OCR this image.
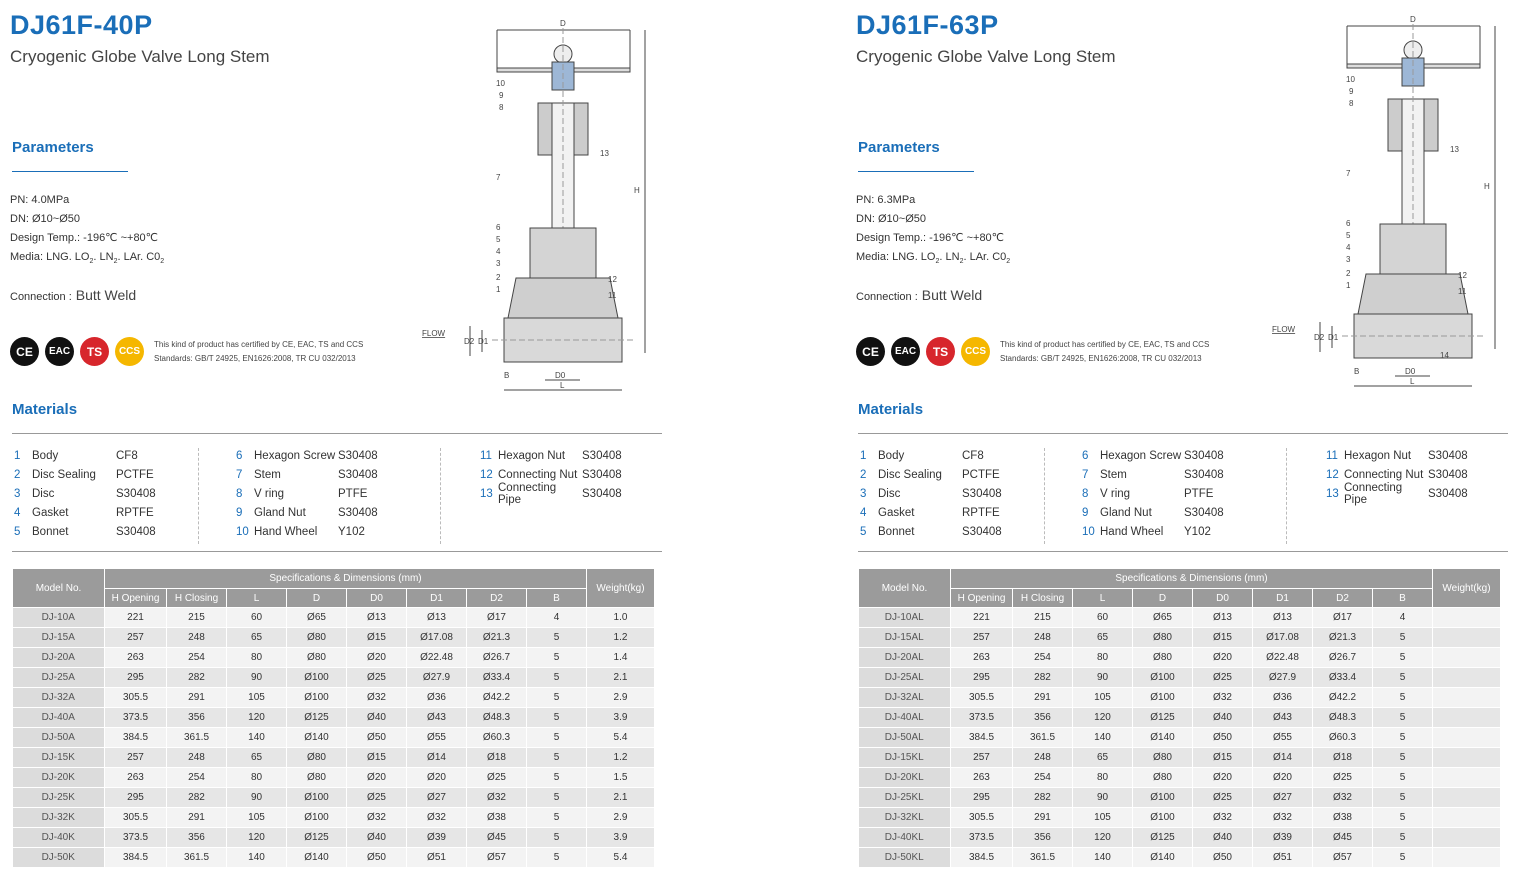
DJ61F-40P
Cryogenic Globe Valve Long Stem
Parameters
PN: 4.0MPa
DN: Ø10~Ø50
Design Temp.: -196℃ ~+80℃
Media: LNG. $LO_2$. $LN_2$. LAr. $C0_2$
Connection : Butt Weld
CE	EAC	TS	CCS
This kind of product has certified by CE, EAC, TS and CCS
Standards: GB/T 24925, EN1626:2008, TR CU 032/2013
Materials
1	Body	CF8
2	Disc Sealing	PCTFE
3	Disc	S30408
4	Gasket	RPTFE
5	Bonnet	S30408
6	Hexagon Screw S30408
7	Stem	S30408
8	V ring	PTFE
9	Gland Nut	S30408
10 Hand Wheel	Y102
11 Hexagon Nut	S30408
12 Connecting Nut S30408
13 Connecting Pipe	S30408
Model No.	Specifications & Dimensions (mm)								Weight(kg)
	H Opening	H Closing	L	D	D0	D1	D2	B	
DJ-10A	221	215	60	Ø65	Ø13	Ø13	Ø17	4	1.0
DJ-15A	257	248	65	Ø80	Ø15	Ø17.08	Ø21.3	5	1.2
DJ-20A	263	254	80	Ø80	Ø20	Ø22.48	Ø26.7	5	1.4
DJ-25A	295	282	90	Ø100	Ø25	Ø27.9	Ø33.4	5	2.1
DJ-32A	305.5	291	105	Ø100	Ø32	Ø36	Ø42.2	5	2.9
DJ-40A	373.5	356	120	Ø125	Ø40	Ø43	Ø48.3	5	3.9
DJ-50A	384.5	361.5	140	Ø140	Ø50	Ø55	Ø60.3	5	5.4
DJ-15K	257	248	65	Ø80	Ø15	Ø14	Ø18	5	1.2
DJ-20K	263	254	80	Ø80	Ø20	Ø20	Ø25	5	1.5
DJ-25K	295	282	90	Ø100	Ø25	Ø27	Ø32	5	2.1
DJ-32K	305.5	291	105	Ø100	Ø32	Ø32	Ø38	5	2.9
DJ-40K	373.5	356	120	Ø125	Ø40	Ø39	Ø45	5	3.9
DJ-50K	384.5	361.5	140	Ø140	Ø50	Ø51	Ø57	5	5.4
D
H
L
D0
D1
D2
B
FLOW
1
2
3
4
5
6
7
8
9
10
11
12
13
DJ61F-63P
Cryogenic Globe Valve Long Stem
Parameters
PN: 6.3MPa
DN: Ø10~Ø50
Design Temp.: -196℃ ~+80℃
Media: LNG. $LO_2$. $LN_2$. LAr. $C0_2$
Connection : Butt Weld
CE	EAC	TS	CCS
This kind of product has certified by CE, EAC, TS and CCS
Standards: GB/T 24925, EN1626:2008, TR CU 032/2013
Materials
1	Body	CF8
2	Disc Sealing	PCTFE
3	Disc	S30408
4	Gasket	RPTFE
5	Bonnet	S30408
6	Hexagon Screw S30408
7	Stem	S30408
8	V ring	PTFE
9	Gland Nut	S30408
10 Hand Wheel	Y102
11 Hexagon Nut	S30408
12 Connecting Nut S30408
13 Connecting Pipe	S30408
Model No.	Specifications & Dimensions (mm)								Weight(kg)
	H Opening	H Closing	L	D	D0	D1	D2	B	
DJ-10AL	221	215	60	Ø65	Ø13	Ø13	Ø17	4	
DJ-15AL	257	248	65	Ø80	Ø15	Ø17.08	Ø21.3	5	
DJ-20AL	263	254	80	Ø80	Ø20	Ø22.48	Ø26.7	5	
DJ-25AL	295	282	90	Ø100	Ø25	Ø27.9	Ø33.4	5	
DJ-32AL	305.5	291	105	Ø100	Ø32	Ø36	Ø42.2	5	
DJ-40AL	373.5	356	120	Ø125	Ø40	Ø43	Ø48.3	5	
DJ-50AL	384.5	361.5	140	Ø140	Ø50	Ø55	Ø60.3	5	
DJ-15KL	257	248	65	Ø80	Ø15	Ø14	Ø18	5	
DJ-20KL	263	254	80	Ø80	Ø20	Ø20	Ø25	5	
DJ-25KL	295	282	90	Ø100	Ø25	Ø27	Ø32	5	
DJ-32KL	305.5	291	105	Ø100	Ø32	Ø32	Ø38	5	
DJ-40KL	373.5	356	120	Ø125	Ø40	Ø39	Ø45	5	
DJ-50KL	384.5	361.5	140	Ø140	Ø50	Ø51	Ø57	5	
D
H
L
D0
D1
D2
B
FLOW
1
2
3
4
5
6
7
8
9
10
11
12
13
14
